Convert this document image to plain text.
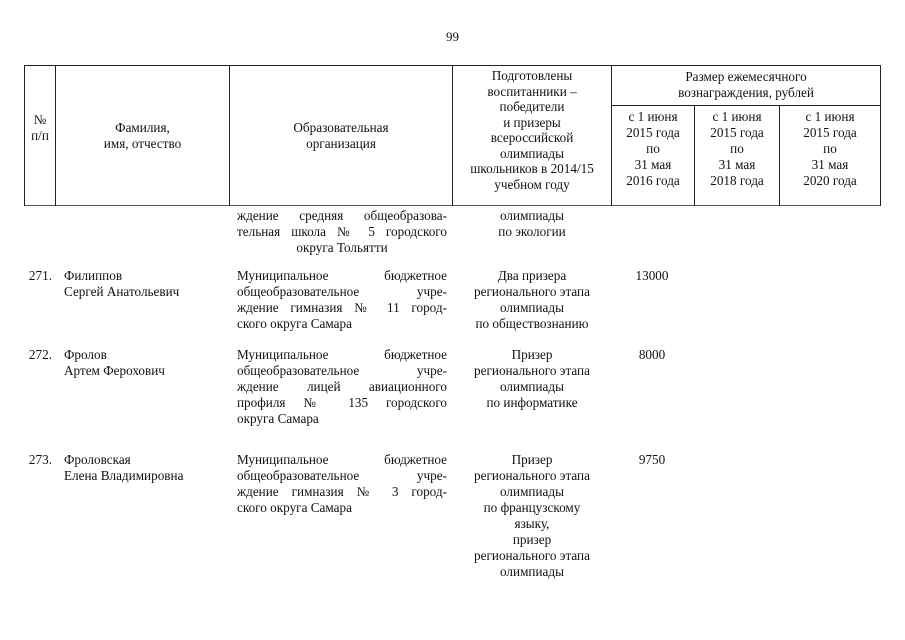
99
№
п/п	Фамилия,
имя, отчество
Образовательная
организация
Подготовлены
воспитанники –
победители
и призеры
всероссийской
олимпиады
школьников в 2014/15
учебном году
Размер ежемесячного
вознаграждения, рублей
с 1 июня
2015 года
по
31 мая
2016 года
с 1 июня
2015 года
по
31 мая
2018 года
с 1 июня
2015 года
по
31 мая
2020 года
ждение средняя общеобразова-
тельная школа № 5 городского
округа Тольятти
олимпиады
по экологии
271. Филиппов
Сергей Анатольевич
Муниципальное бюджетное
общеобразовательное учре-
ждение гимназия № 11 город-
ского округа Самара
Два призера
регионального этапа
олимпиады
по обществознанию
13000
272. Фролов
Артем Ферохович
Муниципальное бюджетное
общеобразовательное учре-
ждение лицей авиационного
профиля № 135 городского
округа Самара
Призер
регионального этапа
олимпиады
по информатике
8000
273. Фроловская
Елена Владимировна
Муниципальное бюджетное
общеобразовательное учре-
ждение гимназия № 3 город-
ского округа Самара
Призер
регионального этапа
олимпиады
по французскому
языку,
призер
регионального этапа
олимпиады
9750
